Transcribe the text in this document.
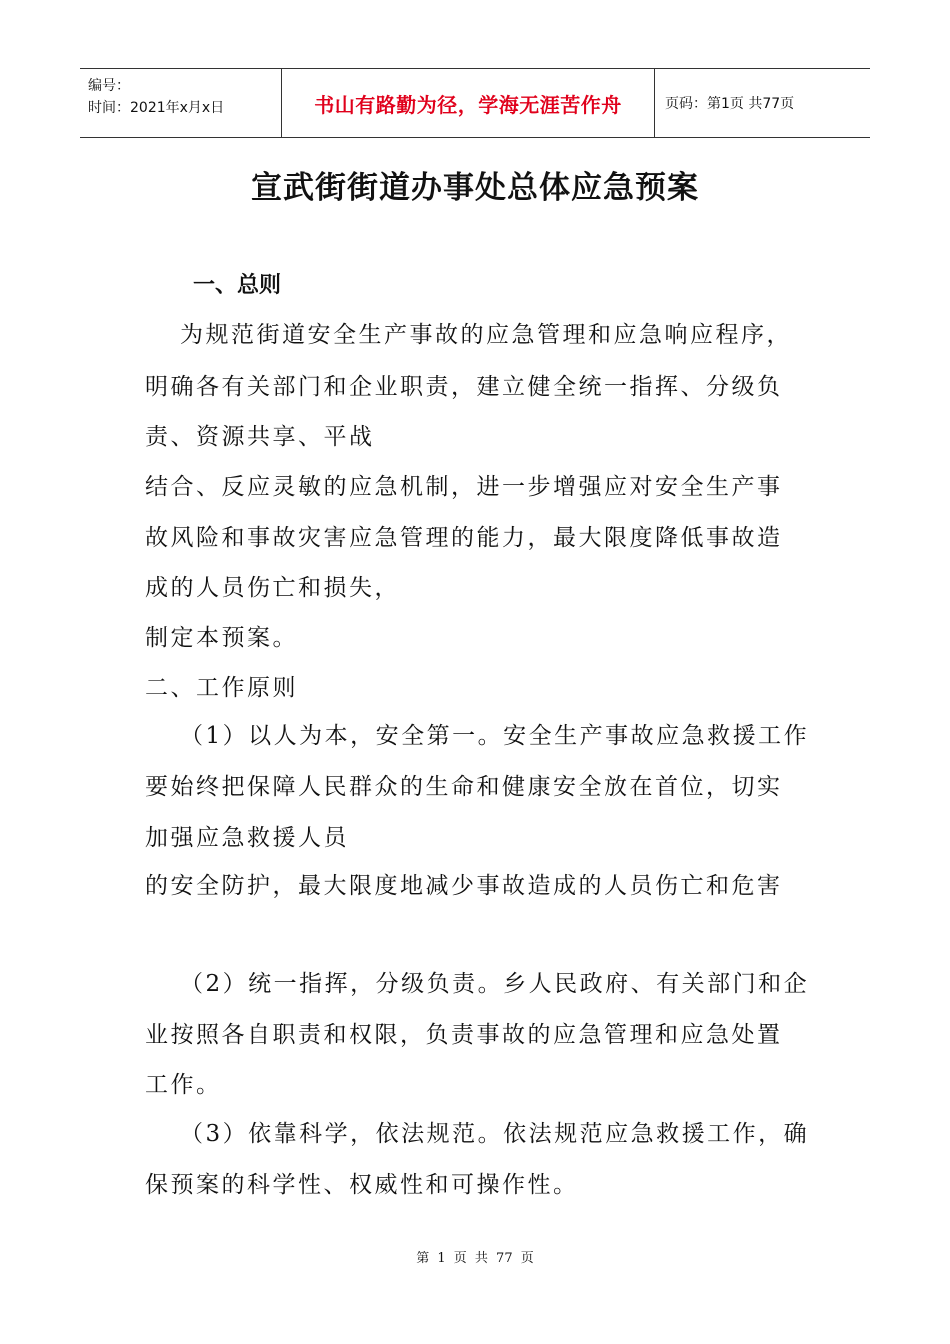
编号：
时间：2021年x月x日	书山有路勤为径，学海无涯苦作舟	页码：第1页 共77页
宣武街街道办事处总体应急预案
一、总则
为规范街道安全生产事故的应急管理和应急响应程序，
明确各有关部门和企业职责，建立健全统一指挥、分级负
责、资源共享、平战
结合、反应灵敏的应急机制，进一步增强应对安全生产事
故风险和事故灾害应急管理的能力，最大限度降低事故造
成的人员伤亡和损失，
制定本预案。
二、工作原则
（1）以人为本，安全第一。安全生产事故应急救援工作
要始终把保障人民群众的生命和健康安全放在首位，切实
加强应急救援人员
的安全防护，最大限度地减少事故造成的人员伤亡和危害
（2）统一指挥，分级负责。乡人民政府、有关部门和企
业按照各自职责和权限，负责事故的应急管理和应急处置
工作。
（3）依靠科学，依法规范。依法规范应急救援工作，确
保预案的科学性、权威性和可操作性。
第 1 页 共 77 页
